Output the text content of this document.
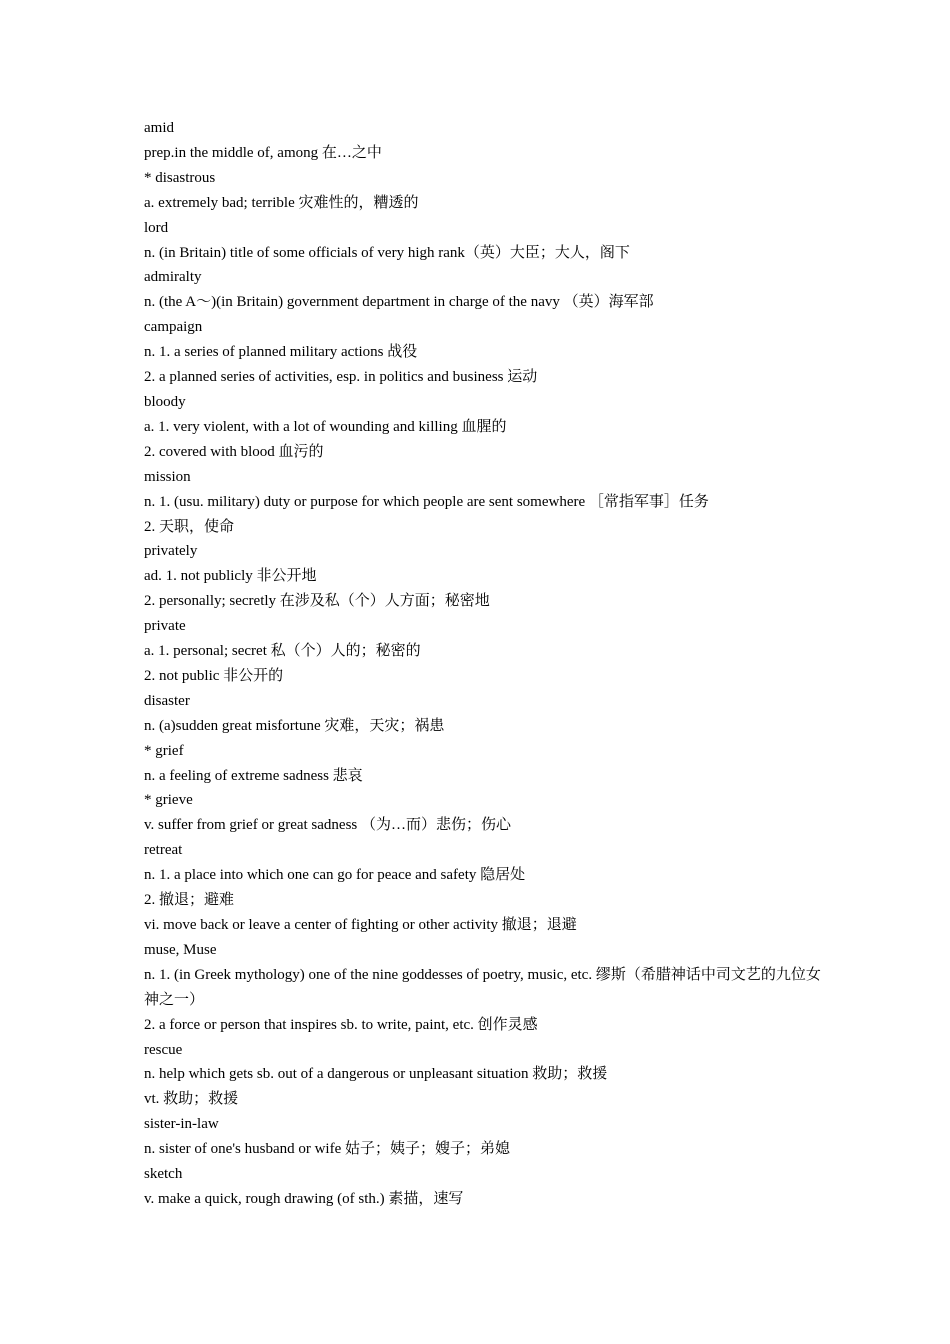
amid
prep.in the middle of, among 在…之中
* disastrous
a. extremely bad; terrible 灾难性的，糟透的
lord
n. (in Britain) title of some officials of very high rank（英）大臣；大人，阁下
admiralty
n. (the A～)(in Britain) government department in charge of the navy （英）海军部
campaign
n. 1. a series of planned military actions 战役
2. a planned series of activities, esp. in politics and business 运动
bloody
a. 1. very violent, with a lot of wounding and killing 血腥的
2. covered with blood 血污的
mission
n. 1. (usu. military) duty or purpose for which people are sent somewhere ［常指军事］任务
2. 天职，使命
privately
ad. 1. not publicly 非公开地
2. personally; secretly 在涉及私（个）人方面；秘密地
private
a. 1. personal; secret 私（个）人的；秘密的
2. not public 非公开的
disaster
n. (a)sudden great misfortune 灾难，天灾；祸患
* grief
n. a feeling of extreme sadness 悲哀
* grieve
v. suffer from grief or great sadness （为…而）悲伤；伤心
retreat
n. 1. a place into which one can go for peace and safety 隐居处
2. 撤退；避难
vi. move back or leave a center of fighting or other activity 撤退；退避
muse, Muse
n. 1. (in Greek mythology) one of the nine goddesses of poetry, music, etc. 缪斯（希腊神话中司文艺的九位女神之一）
2. a force or person that inspires sb. to write, paint, etc. 创作灵感
rescue
n. help which gets sb. out of a dangerous or unpleasant situation 救助；救援
vt. 救助；救援
sister-in-law
n. sister of one's husband or wife 姑子；姨子；嫂子；弟媳
sketch
v. make a quick, rough drawing (of sth.) 素描，速写
